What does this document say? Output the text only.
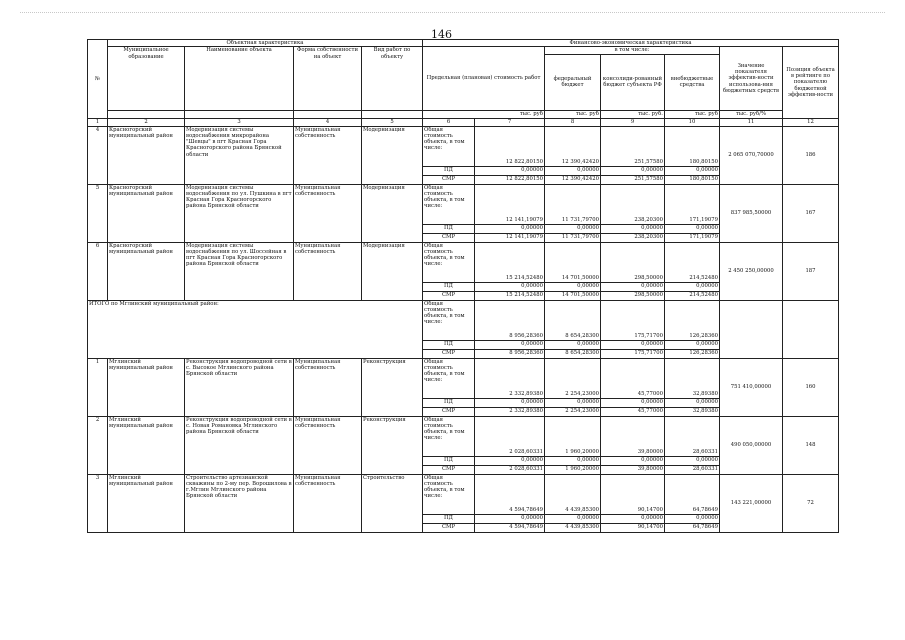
146
№	Объектная характеристика				Финансово-экономическая характеристика						
	Муниципальное образование	Наименование объекта	Форма собственности на объект	Вид работ по объекту	Предельная (плановая) стоимость работ		в том числе:			Значение показателя эффектив-ности использова-ния бюджетных средств	Позиция объекта в рейтинге по показателю бюджетной эффектив-ности
							федеральный бюджет	консолиди-рованный бюджет субъекта РФ	внебюджетные средства		
					тыс. руб		тыс. руб	тыс. руб.	тыс. руб	тыс. руб/%	
1	2	3	4	5	6	7	8	9	10	11	12
4	Красногорский муниципальный район	Модернизация системы водоснабжения микрорайона "Шевцы" в пгт Красная Гора Красногорского района Брянской области	Муниципальная собственность	Модернизация	Общая стоимость объекта, в том числе:	12 822,80150	12 390,42420	251,57580	180,80150	2 065 070,70000	186
					ПД	0,00000	0,00000	0,00000	0,00000		
					СМР	12 822,80150	12 390,42420	251,57580	180,80150		
5	Красногорский муниципальный район	Модернизация системы водоснабжения по ул. Пушкина в пгт Красная Гора Красногорского района Брянской области	Муниципальная собственность	Модернизация	Общая стоимость объекта, в том числе:	12 141,19079	11 731,79700	238,20300	171,19079	837 985,50000	167
					ПД	0,00000	0,00000	0,00000	0,00000		
					СМР	12 141,19079	11 731,79700	238,20300	171,19079		
6	Красногорский муниципальный район	Модернизация системы водоснабжения по ул. Шоссейная в пгт Красная Гора Красногорского района Брянской области	Муниципальная собственность	Модернизация	Общая стоимость объекта, в том числе:	15 214,52480	14 701,50000	298,50000	214,52480	2 450 250,00000	187
					ПД	0,00000	0,00000	0,00000	0,00000		
					СМР	15 214,52480	14 701,50000	298,50000	214,52480		
ИТОГО по Мглинский муниципальный район:					Общая стоимость объекта, в том числе:	8 956,28360	8 654,28300	175,71700	126,28360		
					ПД	0,00000	0,00000	0,00000	0,00000		
					СМР	8 956,28360	8 654,28300	175,71700	126,28360		
1	Мглинский муниципальный район	Реконструкция водопроводной сети в с. Высокое Мглинского района Брянской области	Муниципальная собственность	Реконструкция	Общая стоимость объекта, в том числе:	2 332,89380	2 254,23000	45,77000	32,89380	751 410,00000	160
					ПД	0,00000	0,00000	0,00000	0,00000		
					СМР	2 332,89380	2 254,23000	45,77000	32,89380		
2	Мглинский муниципальный район	Реконструкция водопроводной сети в с. Новая Романовка Мглинского района Брянской области	Муниципальная собственность	Реконструкция	Общая стоимость объекта, в том числе:	2 028,60331	1 960,20000	39,80000	28,60331	490 050,00000	148
					ПД	0,00000	0,00000	0,00000	0,00000		
					СМР	2 028,60331	1 960,20000	39,80000	28,60331		
3	Мглинский муниципальный район	Строительство артезианской скважины по 2-му пер. Ворошилова в г.Мглин Мглинского района Брянской области	Муниципальная собственность	Строительство	Общая стоимость объекта, в том числе:	4 594,78649	4 439,85300	90,14700	64,78649	143 221,00000	72
					ПД	0,00000	0,00000	0,00000	0,00000		
					СМР	4 594,78649	4 439,85300	90,14700	64,78649		
